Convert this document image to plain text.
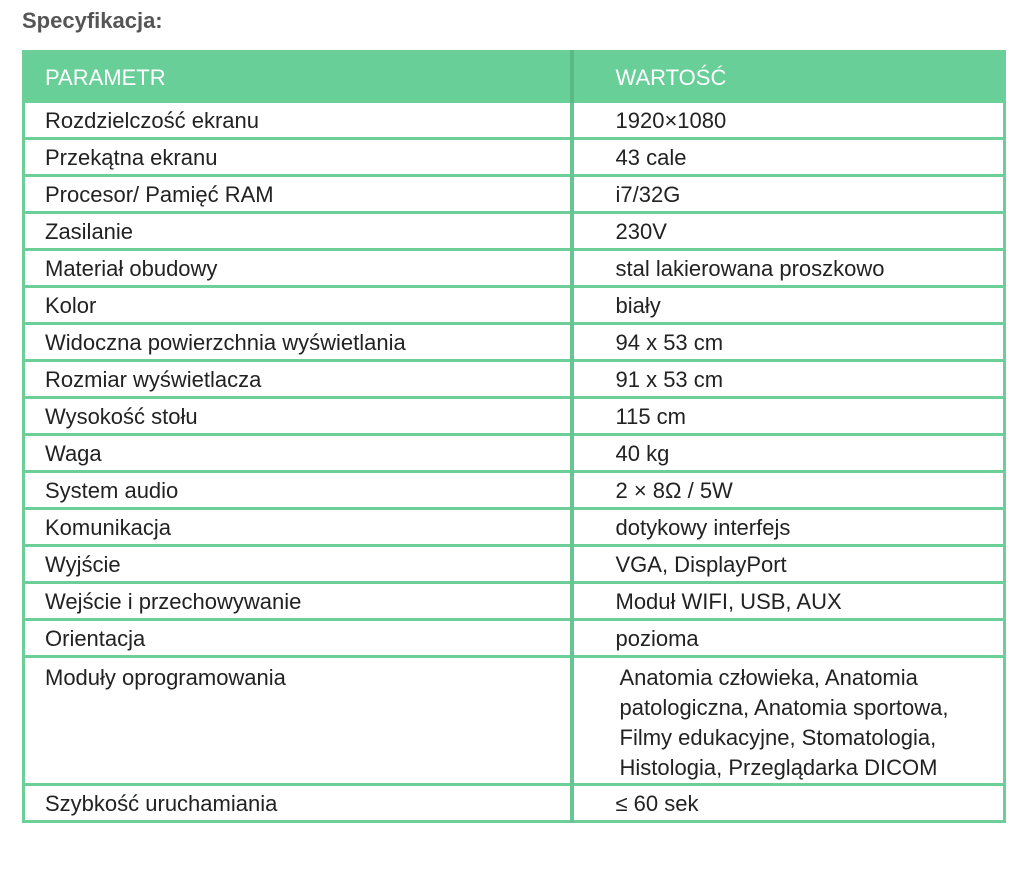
Specyfikacja:
PARAMETR	WARTOŚĆ
Rozdzielczość ekranu	1920×1080
Przekątna ekranu	43 cale
Procesor/ Pamięć RAM	i7/32G
Zasilanie	230V
Materiał obudowy	stal lakierowana proszkowo
Kolor	biały
Widoczna powierzchnia wyświetlania	94 x 53 cm
Rozmiar wyświetlacza	91 x 53 cm
Wysokość stołu	115 cm
Waga	40 kg
System audio	2 × 8Ω / 5W
Komunikacja	dotykowy interfejs
Wyjście	VGA, DisplayPort
Wejście i przechowywanie	Moduł WIFI, USB, AUX
Orientacja	pozioma
Moduły oprogramowania	Anatomia człowieka, Anatomia
patologiczna, Anatomia sportowa,
Filmy edukacyjne, Stomatologia,
Histologia, Przeglądarka DICOM

Szybkość uruchamiania	≤ 60 sek
